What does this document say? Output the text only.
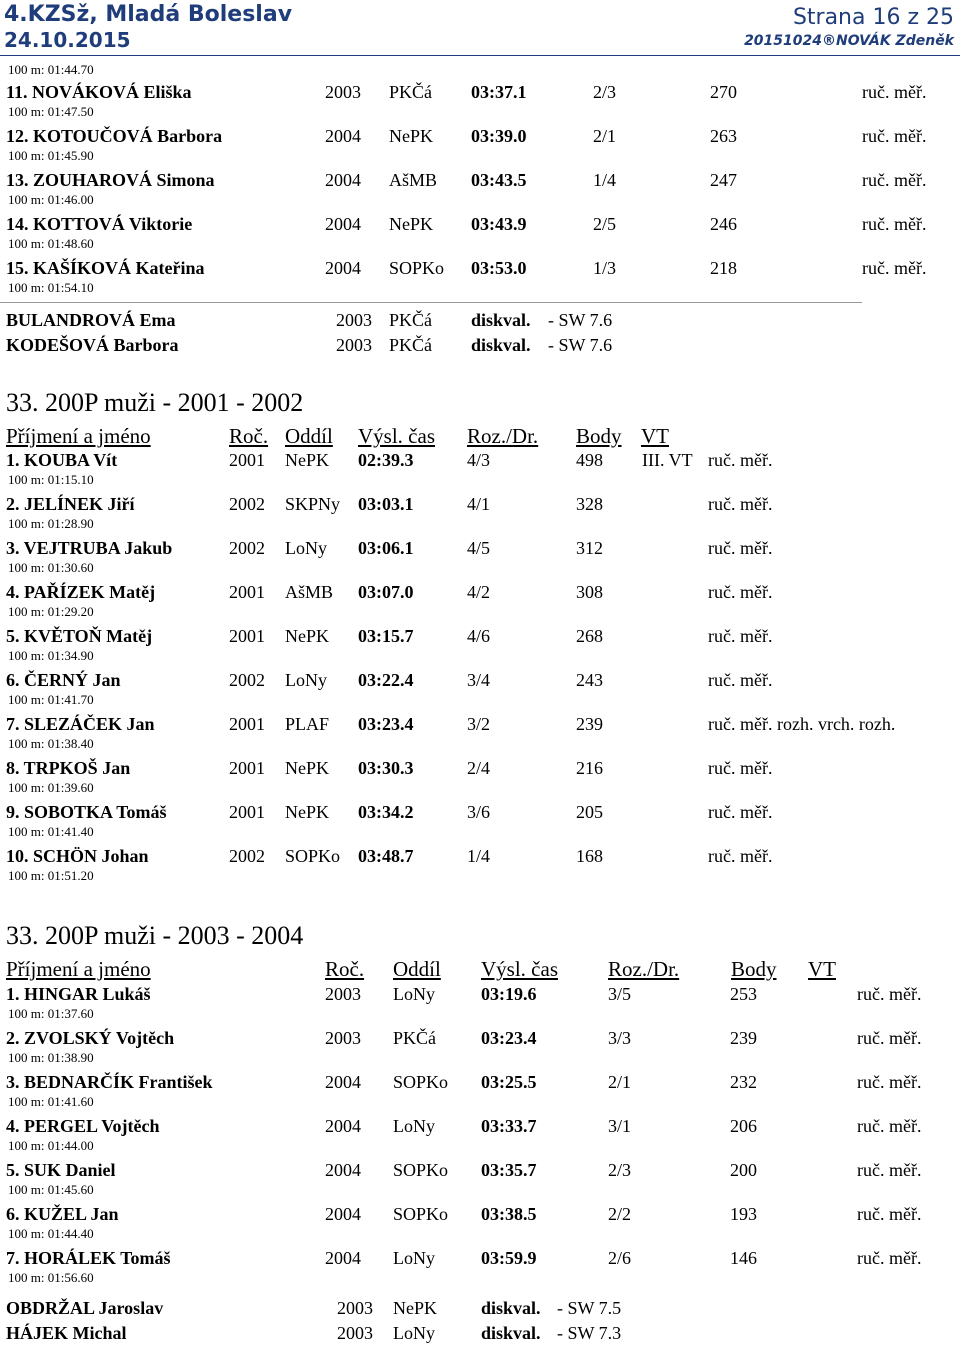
4.KZSž, Mladá Boleslav
24.10.2015
Strana 16 z 25
20151024®NOVÁK Zdeněk
100 m: 01:44.70
11. NOVÁKOVÁ Eliška	2003 PKČá 03:37.1	2/3	270	ruč. měř.
100 m: 01:47.50
12. KOTOUČOVÁ Barbora	2004 NePK 03:39.0	2/1	263	ruč. měř.
100 m: 01:45.90
13. ZOUHAROVÁ Simona	2004 AšMB 03:43.5	1/4	247	ruč. měř.
100 m: 01:46.00
14. KOTTOVÁ Viktorie	2004 NePK 03:43.9	2/5	246	ruč. měř.
100 m: 01:48.60
15. KAŠÍKOVÁ Kateřina	2004 SOPKo 03:53.0	1/3	218	ruč. měř.
100 m: 01:54.10
BULANDROVÁ Ema	2003 PKČá diskval. - SW 7.6
KODEŠOVÁ Barbora	2003 PKČá diskval. - SW 7.6
33. 200P muži - 2001 - 2002
Příjmení a jméno	Roč. Oddíl Výsl. čas Roz./Dr. Body VT
1. KOUBA Vít	2001 NePK 02:39.3	4/3	498 III. VT ruč. měř.
100 m: 01:15.10
2. JELÍNEK Jiří	2002 SKPNy 03:03.1	4/1	328	ruč. měř.
100 m: 01:28.90
3. VEJTRUBA Jakub	2002 LoNy 03:06.1	4/5	312	ruč. měř.
100 m: 01:30.60
4. PAŘÍZEK Matěj	2001 AšMB 03:07.0	4/2	308	ruč. měř.
100 m: 01:29.20
5. KVĚTOŇ Matěj	2001 NePK 03:15.7	4/6	268	ruč. měř.
100 m: 01:34.90
6. ČERNÝ Jan	2002 LoNy 03:22.4	3/4	243	ruč. měř.
100 m: 01:41.70
7. SLEZÁČEK Jan	2001 PLAF 03:23.4	3/2	239	ruč. měř. rozh. vrch. rozh.
100 m: 01:38.40
8. TRPKOŠ Jan	2001 NePK 03:30.3	2/4	216	ruč. měř.
100 m: 01:39.60
9. SOBOTKA Tomáš	2001 NePK 03:34.2	3/6	205	ruč. měř.
100 m: 01:41.40
10. SCHÖN Johan	2002 SOPKo 03:48.7	1/4	168	ruč. měř.
100 m: 01:51.20
33. 200P muži - 2003 - 2004
Příjmení a jméno	Roč. Oddíl Výsl. čas Roz./Dr. Body VT
1. HINGAR Lukáš	2003 LoNy	03:19.6	3/5	253	ruč. měř.
100 m: 01:37.60
2. ZVOLSKÝ Vojtěch	2003 PKČá 03:23.4	3/3	239	ruč. měř.
100 m: 01:38.90
3. BEDNARČÍK František	2004 SOPKo 03:25.5	2/1	232	ruč. měř.
100 m: 01:41.60
4. PERGEL Vojtěch	2004 LoNy	03:33.7	3/1	206	ruč. měř.
100 m: 01:44.00
5. SUK Daniel	2004 SOPKo 03:35.7	2/3	200	ruč. měř.
100 m: 01:45.60
6. KUŽEL Jan	2004 SOPKo 03:38.5	2/2	193	ruč. měř.
100 m: 01:44.40
7. HORÁLEK Tomáš	2004 LoNy	03:59.9	2/6	146	ruč. měř.
100 m: 01:56.60
OBDRŽAL Jaroslav	2003 NePK diskval. - SW 7.5
HÁJEK Michal	2003 LoNy	diskval. - SW 7.3
